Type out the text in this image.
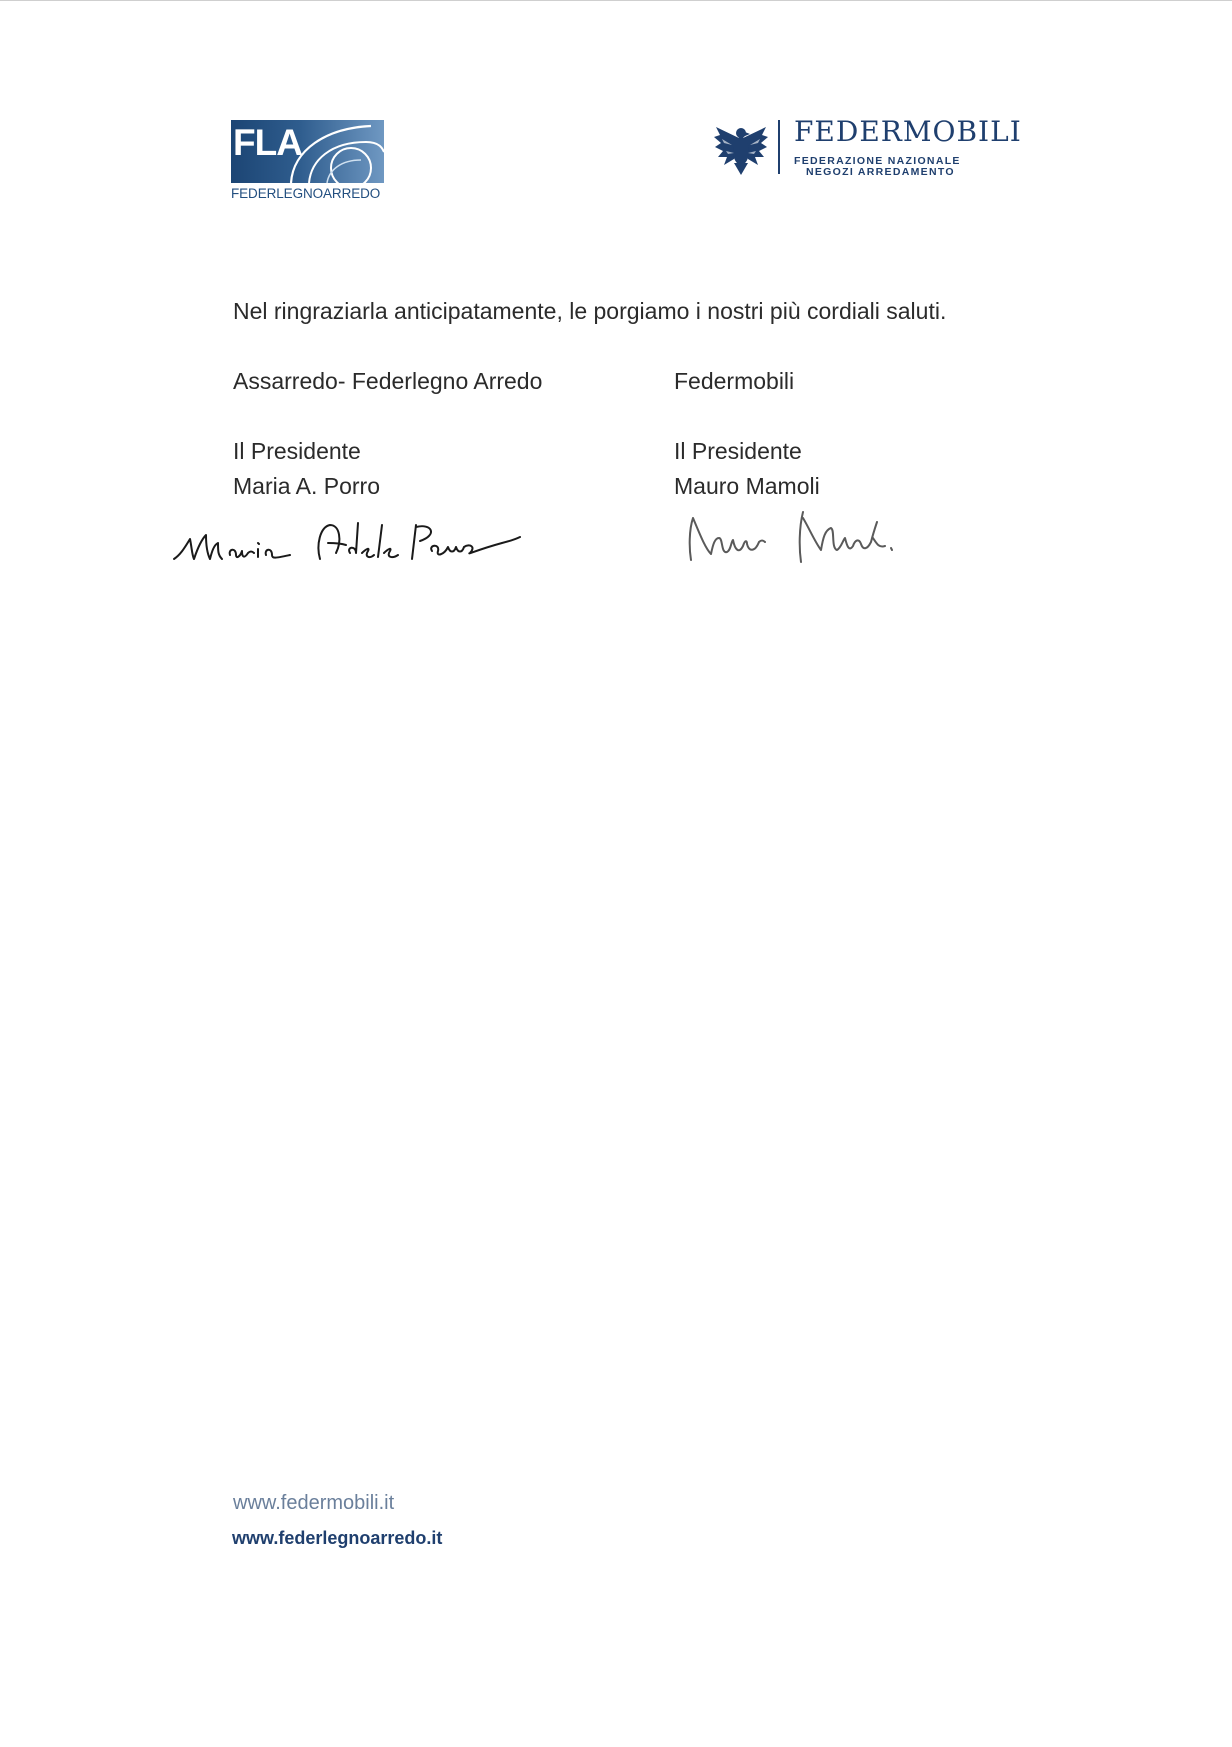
FLA
FEDERLEGNOARREDO
FEDERMOBILI
FEDERAZIONE NAZIONALE
NEGOZI ARREDAMENTO
Nel ringraziarla anticipatamente, le porgiamo i nostri più cordiali saluti.
Assarredo- Federlegno Arredo
Il Presidente
Maria A. Porro
Federmobili
Il Presidente
Mauro Mamoli
www.federmobili.it
www.federlegnoarredo.it
